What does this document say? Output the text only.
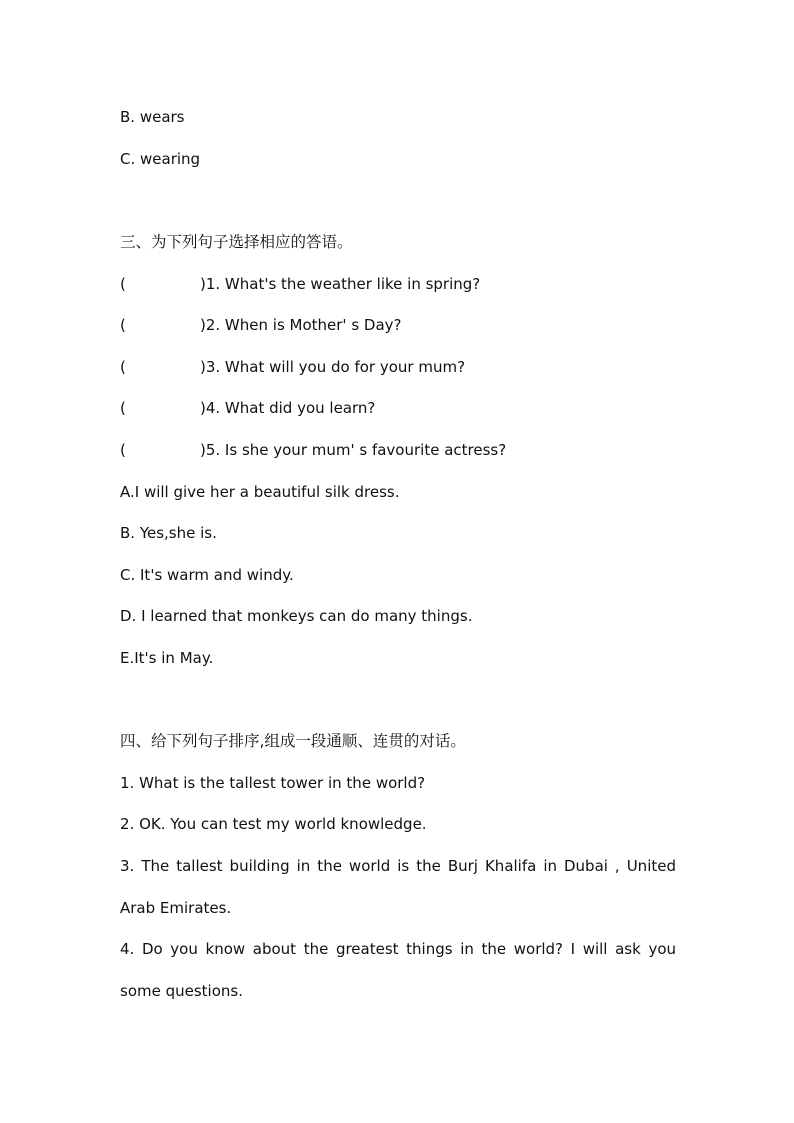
B. wears
C. wearing
三、为下列句子选择相应的答语。
(	)1. What's the weather like in spring?
(	)2. When is Mother' s Day?
(	)3. What will you do for your mum?
(	)4. What did you learn?
(	)5. Is she your mum' s favourite actress?
A.I will give her a beautiful silk dress.
B. Yes,she is.
C. It's warm and windy.
D. I learned that monkeys can do many things.
E.It's in May.
四、给下列句子排序,组成一段通顺、连贯的对话。
1. What is the tallest tower in the world?
2. OK. You can test my world knowledge.
3. The tallest building in the world is the Burj Khalifa in Dubai , United
Arab Emirates.
4. Do you know about the greatest things in the world? I will ask you
some questions.
